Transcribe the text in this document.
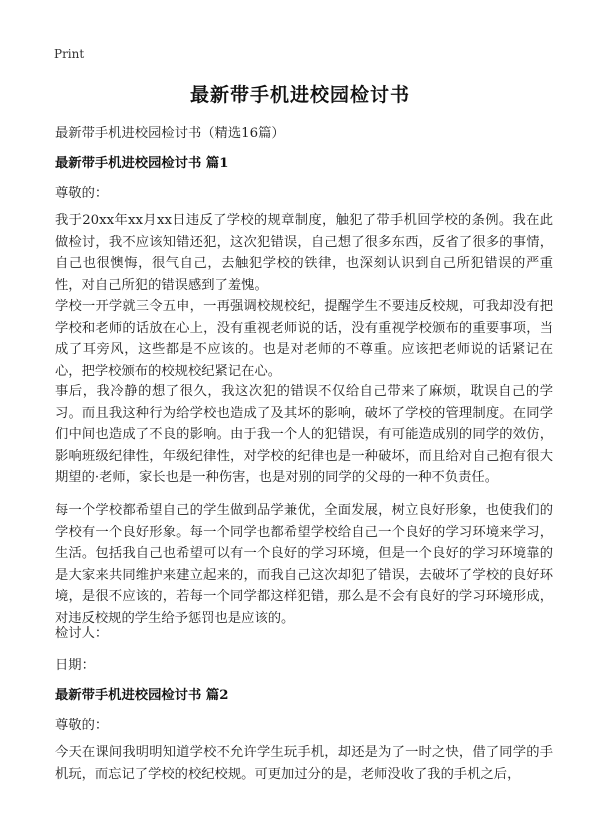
Print
最新带手机进校园检讨书
最新带手机进校园检讨书（精选16篇）
最新带手机进校园检讨书 篇1
尊敬的：
我于20xx年xx月xx日违反了学校的规章制度，触犯了带手机回学校的条例。我在此做检讨，我不应该知错还犯，这次犯错误，自己想了很多东西，反省了很多的事情，自己也很懊悔，很气自己，去触犯学校的铁律，也深刻认识到自己所犯错误的严重性，对自己所犯的错误感到了羞愧。
学校一开学就三令五申，一再强调校规校纪，提醒学生不要违反校规，可我却没有把学校和老师的话放在心上，没有重视老师说的话，没有重视学校颁布的重要事项，当成了耳旁风，这些都是不应该的。也是对老师的不尊重。应该把老师说的话紧记在心，把学校颁布的校规校纪紧记在心。
事后，我冷静的想了很久，我这次犯的错误不仅给自己带来了麻烦，耽误自己的学习。而且我这种行为给学校也造成了及其坏的影响，破坏了学校的管理制度。在同学们中间也造成了不良的影响。由于我一个人的犯错误，有可能造成别的同学的效仿，影响班级纪律性，年级纪律性，对学校的纪律也是一种破坏，而且给对自己抱有很大期望的·老师，家长也是一种伤害，也是对别的同学的父母的一种不负责任。
每一个学校都希望自己的学生做到品学兼优，全面发展，树立良好形象，也使我们的学校有一个良好形象。每一个同学也都希望学校给自己一个良好的学习环境来学习，生活。包括我自己也希望可以有一个良好的学习环境，但是一个良好的学习环境靠的是大家来共同维护来建立起来的，而我自己这次却犯了错误，去破坏了学校的良好环境，是很不应该的，若每一个同学都这样犯错，那么是不会有良好的学习环境形成，对违反校规的学生给予惩罚也是应该的。
检讨人：
日期：
最新带手机进校园检讨书 篇2
尊敬的：
今天在课间我明明知道学校不允许学生玩手机，却还是为了一时之快，借了同学的手机玩，而忘记了学校的校纪校规。可更加过分的是，老师没收了我的手机之后，
